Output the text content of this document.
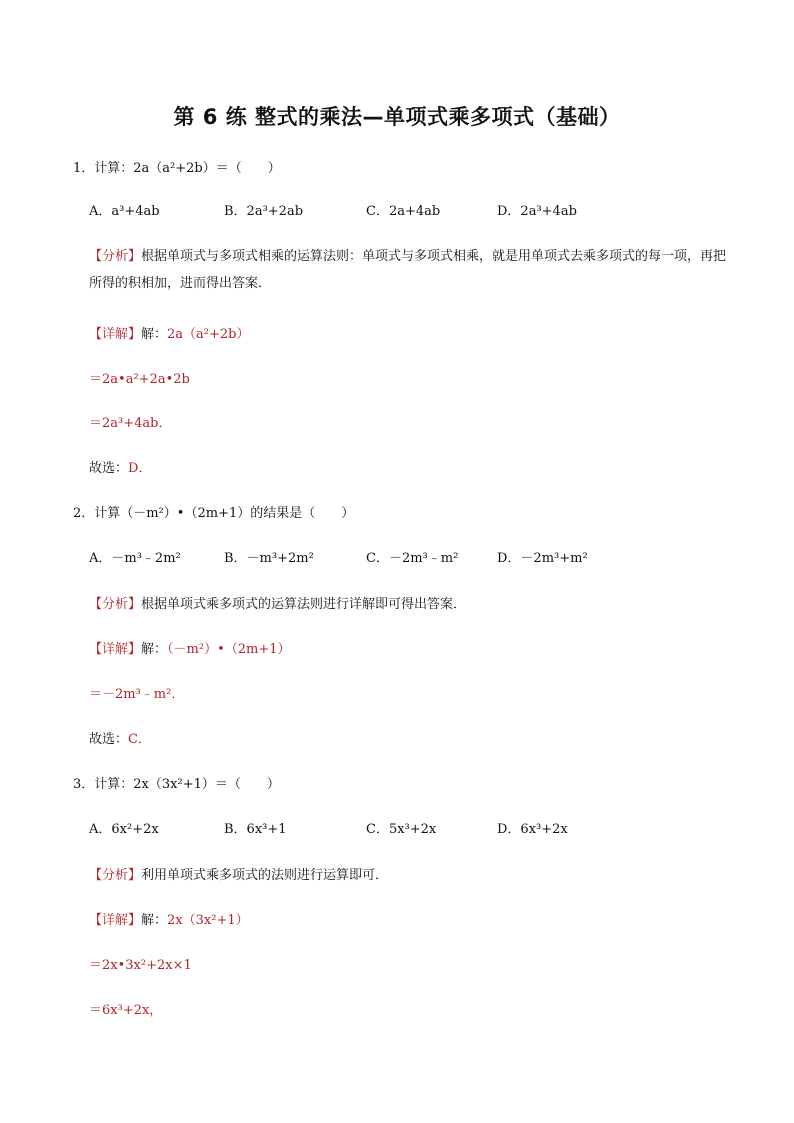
第 6 练 整式的乘法—单项式乘多项式（基础）
1．计算：2a（a²+2b）＝（　　）
A．a³+4ab	B．2a³+2ab	C．2a+4ab	D．2a³+4ab
【分析】根据单项式与多项式相乘的运算法则：单项式与多项式相乘，就是用单项式去乘多项式的每一项，再把所得的积相加，进而得出答案．
【详解】解：2a（a²+2b）
＝2a•a²+2a•2b
＝2a³+4ab．
故选：D．
2．计算（－m²）•（2m+1）的结果是（　　）
A．－m³﹣2m²	B．－m³+2m²	C．－2m³﹣m²	D．－2m³+m²
【分析】根据单项式乘多项式的运算法则进行详解即可得出答案．
【详解】解：（－m²）•（2m+1）
＝－2m³﹣m²．
故选：C．
3．计算：2x（3x²+1）＝（　　）
A．6x²+2x	B．6x³+1	C．5x³+2x	D．6x³+2x
【分析】利用单项式乘多项式的法则进行运算即可．
【详解】解：2x（3x²+1）
＝2x•3x²+2x×1
＝6x³+2x，
